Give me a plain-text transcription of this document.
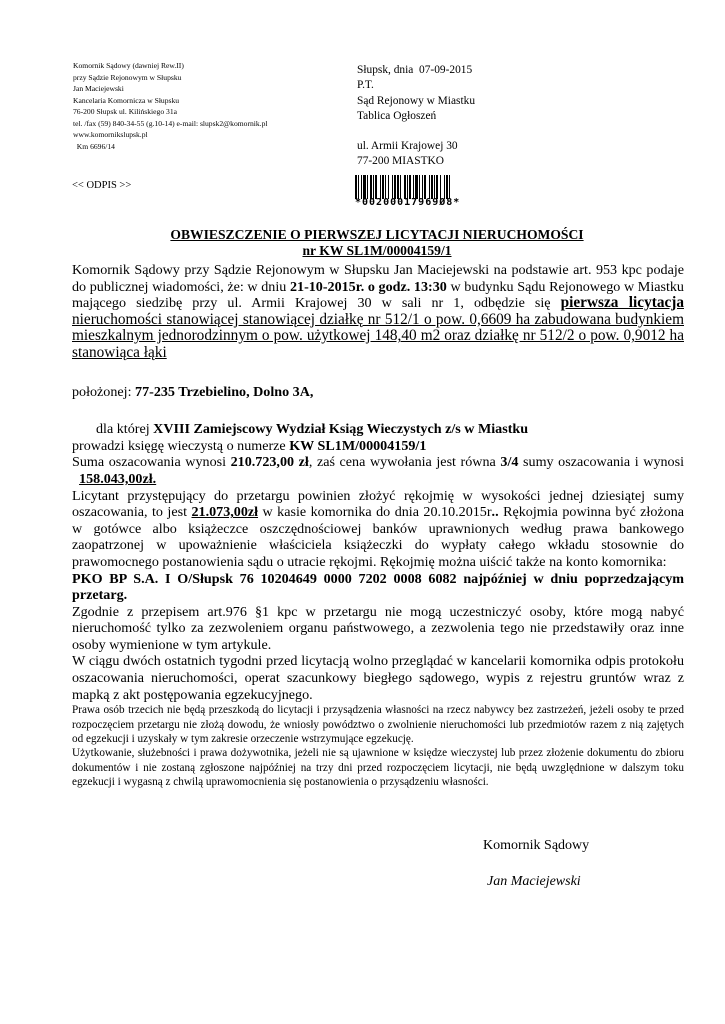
Komornik Sądowy (dawniej Rew.II)
przy Sądzie Rejonowym w Słupsku
Jan Maciejewski
Kancelaria Komornicza w Słupsku
76-200 Słupsk ul. Kilińskiego 31a
tel. /fax (59) 840-34-55 (g.10-14) e-mail: slupsk2@komornik.pl
www.komornikslupsk.pl
Km 6696/14
Słupsk, dnia  07-09-2015
P.T.
Sąd Rejonowy w Miastku
Tablica Ogłoszeń
ul. Armii Krajowej 30
77-200 MIASTKO
<< ODPIS >>
*00200017969Ø8*
OBWIESZCZENIE O PIERWSZEJ LICYTACJI NIERUCHOMOŚCI
nr KW SL1M/00004159/1

Komornik Sądowy przy Sądzie Rejonowym w Słupsku Jan Maciejewski na podstawie art. 953 kpc podaje do publicznej wiadomości, że: w dniu 21-10-2015r. o godz. 13:30 w budynku Sądu Rejonowego w Miastku mającego siedzibę przy ul. Armii Krajowej 30 w sali nr 1, odbędzie się pierwsza licytacja nieruchomości stanowiącej stanowiącej działkę nr 512/1 o pow. 0,6609 ha zabudowana budynkiem mieszkalnym jednorodzinnym o pow. użytkowej 148,40 m2 oraz działkę nr 512/2 o pow. 0,9012 ha stanowiąca łąki

położonej: 77-235 Trzebielino, Dolno 3A,

dla której XVIII Zamiejscowy Wydział Ksiąg Wieczystych z/s w Miastku

prowadzi księgę wieczystą o numerze KW SL1M/00004159/1

Suma oszacowania wynosi 210.723,00 zł, zaś cena wywołania jest równa 3/4 sumy oszacowania i wynosi   158.043,00zł.

Licytant przystępujący do przetargu powinien złożyć rękojmię w wysokości jednej dziesiątej sumy oszacowania, to jest 21.073,00zł w kasie komornika do dnia 20.10.2015r.. Rękojmia powinna być złożona w gotówce albo książeczce oszczędnościowej banków uprawnionych według prawa bankowego zaopatrzonej w upoważnienie właściciela książeczki do wypłaty całego wkładu stosownie do prawomocnego postanowienia sądu o utracie rękojmi. Rękojmię można uiścić także na konto komornika:

PKO BP S.A. I O/Słupsk 76 10204649 0000 7202 0008 6082 najpóźniej w dniu poprzedzającym przetarg.

Zgodnie z przepisem art.976 §1 kpc w przetargu nie mogą uczestniczyć osoby, które mogą nabyć nieruchomość tylko za zezwoleniem organu państwowego, a zezwolenia tego nie przedstawiły oraz inne osoby wymienione w tym artykule.

W ciągu dwóch ostatnich tygodni przed licytacją wolno przeglądać w kancelarii komornika odpis protokołu oszacowania nieruchomości, operat szacunkowy biegłego sądowego, wypis z rejestru gruntów wraz z mapką z akt postępowania egzekucyjnego.

Prawa osób trzecich nie będą przeszkodą do licytacji i przysądzenia własności na rzecz nabywcy bez zastrzeżeń, jeżeli osoby te przed rozpoczęciem przetargu nie złożą dowodu, że wniosły powództwo o zwolnienie nieruchomości lub przedmiotów razem z nią zajętych od egzekucji i uzyskały w tym zakresie orzeczenie wstrzymujące egzekucję.

Użytkowanie, służebności i prawa dożywotnika, jeżeli nie są ujawnione w księdze wieczystej lub przez złożenie dokumentu do zbioru dokumentów i nie zostaną zgłoszone najpóźniej na trzy dni przed rozpoczęciem licytacji, nie będą uwzględnione w dalszym toku egzekucji i wygasną z chwilą uprawomocnienia się postanowienia o przysądzeniu własności.

Komornik Sądowy
Jan Maciejewski
